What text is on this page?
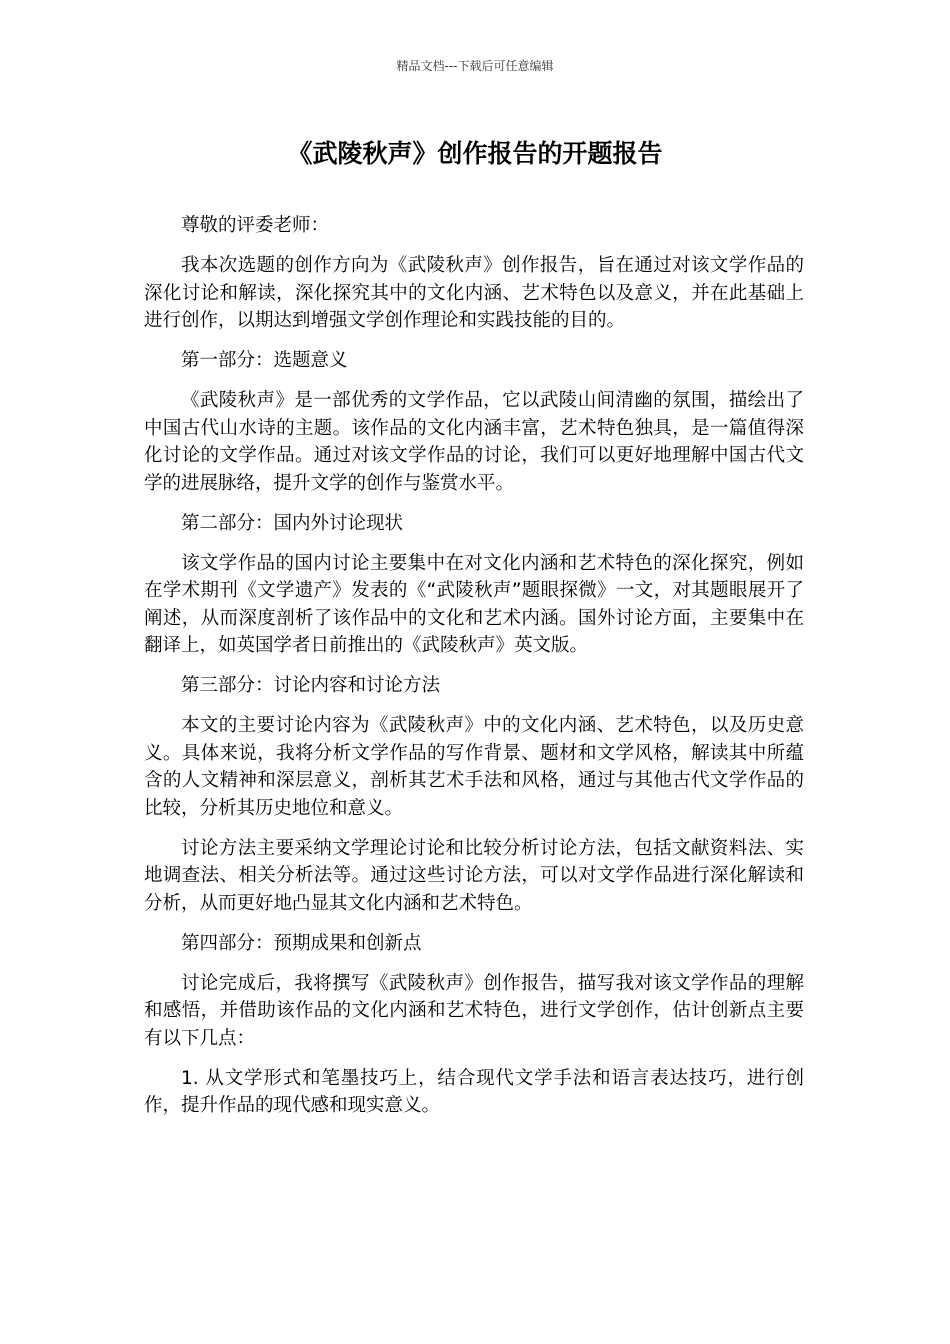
精品文档---下载后可任意编辑
《武陵秋声》创作报告的开题报告

尊敬的评委老师：

我本次选题的创作方向为《武陵秋声》创作报告，旨在通过对该文学作品的深化讨论和解读，深化探究其中的文化内涵、艺术特色以及意义，并在此基础上进行创作，以期达到增强文学创作理论和实践技能的目的。

第一部分：选题意义

《武陵秋声》是一部优秀的文学作品，它以武陵山间清幽的氛围，描绘出了中国古代山水诗的主题。该作品的文化内涵丰富，艺术特色独具，是一篇值得深化讨论的文学作品。通过对该文学作品的讨论，我们可以更好地理解中国古代文学的进展脉络，提升文学的创作与鉴赏水平。

第二部分：国内外讨论现状

该文学作品的国内讨论主要集中在对文化内涵和艺术特色的深化探究，例如在学术期刊《文学遗产》发表的《“武陵秋声”题眼探微》一文，对其题眼展开了阐述，从而深度剖析了该作品中的文化和艺术内涵。国外讨论方面，主要集中在翻译上，如英国学者日前推出的《武陵秋声》英文版。

第三部分：讨论内容和讨论方法

本文的主要讨论内容为《武陵秋声》中的文化内涵、艺术特色，以及历史意义。具体来说，我将分析文学作品的写作背景、题材和文学风格，解读其中所蕴含的人文精神和深层意义，剖析其艺术手法和风格，通过与其他古代文学作品的比较，分析其历史地位和意义。

讨论方法主要采纳文学理论讨论和比较分析讨论方法，包括文献资料法、实地调查法、相关分析法等。通过这些讨论方法，可以对文学作品进行深化解读和分析，从而更好地凸显其文化内涵和艺术特色。

第四部分：预期成果和创新点

讨论完成后，我将撰写《武陵秋声》创作报告，描写我对该文学作品的理解和感悟，并借助该作品的文化内涵和艺术特色，进行文学创作，估计创新点主要有以下几点：

1. 从文学形式和笔墨技巧上，结合现代文学手法和语言表达技巧，进行创作，提升作品的现代感和现实意义。
